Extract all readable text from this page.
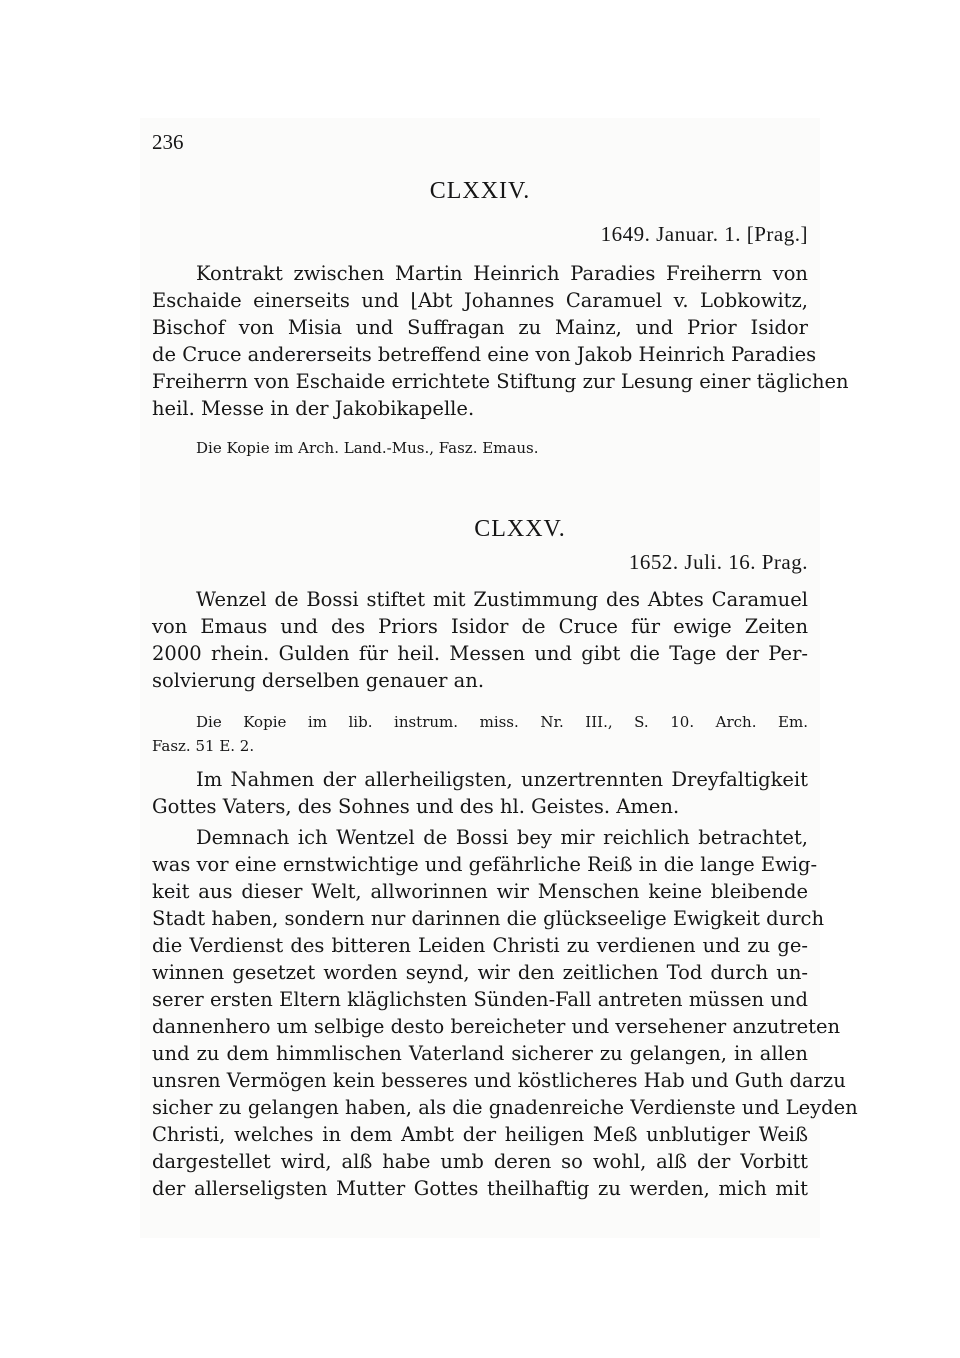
236
CLXXIV.
1649. Januar. 1. [Prag.]
Kontrakt zwischen Martin Heinrich Paradies Freiherrn von
Eschaide einerseits und ⌊Abt Johannes Caramuel v. Lobkowitz,
Bischof von Misia und Suffragan zu Mainz, und Prior Isidor
de Cruce andererseits betreffend eine von Jakob Heinrich Paradies
Freiherrn von Eschaide errichtete Stiftung zur Lesung einer täglichen
heil. Messe in der Jakobikapelle.
Die Kopie im Arch. Land.-Mus., Fasz. Emaus.
CLXXV.
1652. Juli. 16. Prag.
Wenzel de Bossi stiftet mit Zustimmung des Abtes Caramuel
von Emaus und des Priors Isidor de Cruce für ewige Zeiten
2000 rhein. Gulden für heil. Messen und gibt die Tage der Per-
solvierung derselben genauer an.
Die Kopie im lib. instrum. miss. Nr. III., S. 10. Arch. Em.
Fasz. 51 E. 2.
Im Nahmen der allerheiligsten, unzertrennten Dreyfaltigkeit
Gottes Vaters, des Sohnes und des hl. Geistes. Amen.
Demnach ich Wentzel de Bossi bey mir reichlich betrachtet,
was vor eine ernstwichtige und gefährliche Reiß in die lange Ewig-
keit aus dieser Welt, allworinnen wir Menschen keine bleibende
Stadt haben, sondern nur darinnen die glückseelige Ewigkeit durch
die Verdienst des bitteren Leiden Christi zu verdienen und zu ge-
winnen gesetzet worden seynd, wir den zeitlichen Tod durch un-
serer ersten Eltern kläglichsten Sünden-Fall antreten müssen und
dannenhero um selbige desto bereicheter und versehener anzutreten
und zu dem himmlischen Vaterland sicherer zu gelangen, in allen
unsren Vermögen kein besseres und köstlicheres Hab und Guth darzu
sicher zu gelangen haben, als die gnadenreiche Verdienste und Leyden
Christi, welches in dem Ambt der heiligen Meß unblutiger Weiß
dargestellet wird, alß habe umb deren so wohl, alß der Vorbitt
der allerseligsten Mutter Gottes theilhaftig zu werden, mich mit
